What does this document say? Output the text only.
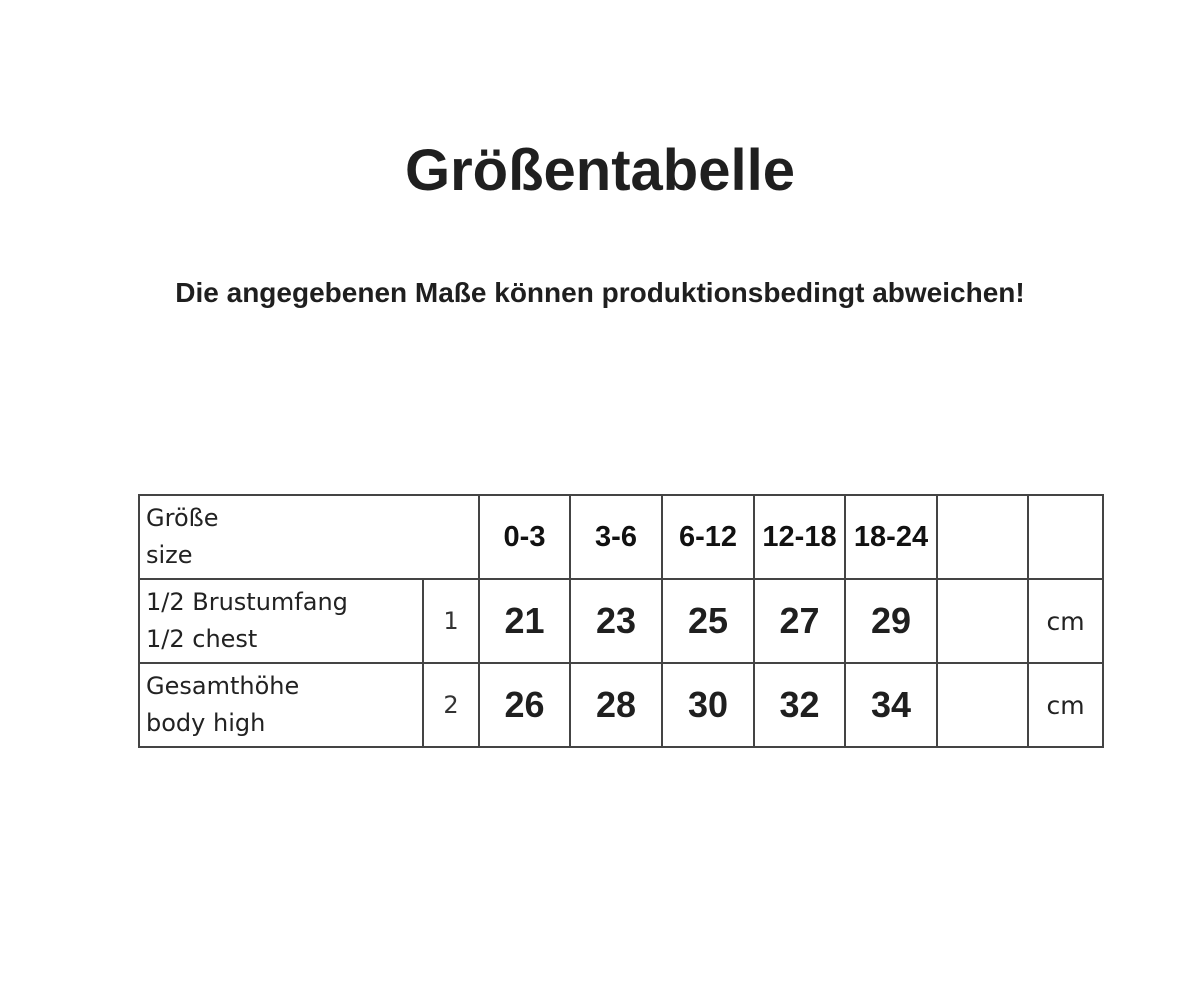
Größentabelle

Die angegebenen Maße können produktionsbedingt abweichen!

Größe
size		0-3	3-6	6-12	12-18	18-24		

1/2 Brustumfang
1/2 chest	1	21	23	25	27	29		cm

Gesamthöhe
body high	2	26	28	30	32	34		cm
